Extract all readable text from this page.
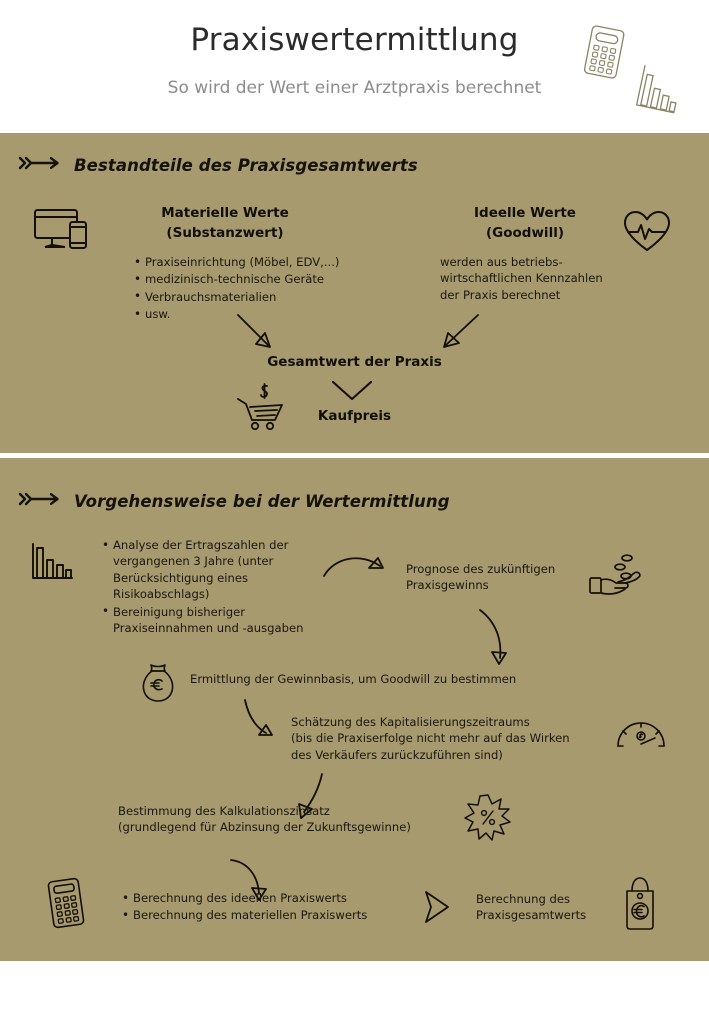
Praxiswertermittlung
So wird der Wert einer Arztpraxis berechnet
Bestandteile des Praxisgesamtwerts
Materielle Werte
(Substanzwert)
• Praxiseinrichtung (Möbel, EDV,...)
• medizinisch-technische Geräte
• Verbrauchsmaterialien
• usw.
Ideelle Werte
(Goodwill)
werden aus betriebs-
wirtschaftlichen Kennzahlen
der Praxis berechnet
Gesamtwert der Praxis
Kaufpreis
Vorgehensweise bei der Wertermittlung
• Analyse der Ertragszahlen der vergangenen 3 Jahre (unter Berücksichtigung eines Risikoabschlags)
• Bereinigung bisheriger Praxiseinnahmen und -ausgaben
Prognose des zukünftigen
Praxisgewinns
Ermittlung der Gewinnbasis, um Goodwill zu bestimmen
Schätzung des Kapitalisierungszeitraums
(bis die Praxiserfolge nicht mehr auf das Wirken
des Verkäufers zurückzuführen sind)
Bestimmung des Kalkulationszinsatz
(grundlegend für Abzinsung der Zukunftsgewinne)
• Berechnung des ideellen Praxiswerts
• Berechnung des materiellen Praxiswerts
Berechnung des
Praxisgesamtwerts
